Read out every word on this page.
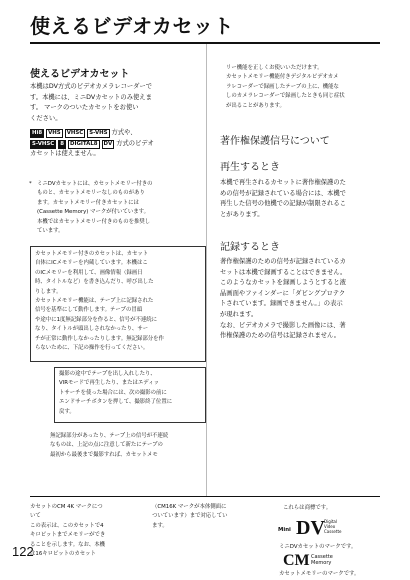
使えるビデオカセット
使えるビデオカセット
本機はDV方式のビデオカメラレコーダーで
す。本機には、ミニDVカセットのみ使えま
す。 マークのついたカセットをお使い
ください。
Hi8 VHS VHSC S-VHS 方式や、
S-VHSC 8 DIGITAL8 DV 方式のビデオ
カセットは使えません。
* ミニDVカセットには、カセットメモリー付きの
ものと、カセットメモリーなしのものがあり
ます。カセットメモリー付きカセットには
(Cassette Memory) マークが付いています。
本機ではカセットメモリー付きのものを推奨し
ています。
カセットメモリー付きのカセットは、カセット
自体にICメモリーを内蔵しています。本機はこ
のICメモリーを利用して、画像情報（録画日
時、タイトルなど）を書き込んだり、呼び出した
りします。
カセットメモリー機能は、テープ上に記録された
信号を基準にして動作します。テープの冒頭
や途中に1度無記録部分を作ると、信号が不連続に
なり、タイトルが頭出しされなかったり、サー
チが正常に動作しなかったりします。無記録部分を作
らないために、下記の操作を行ってください。
撮影の途中でテープを出し入れしたり、
VIRモードで再生したり、またはエディッ
トサーチを使った場合には、次の撮影の前に
エンドサーチボタンを押して、撮影終了位置に
戻す。
無記録部分があったり、テープ上の信号が不連続
なものは、上記の点に注意して新たにテープの
最初から最後まで撮影すれば、カセットメモ
リー機能を正しくお使いいただけます。
カセットメモリー機能付きデジタルビデオカメ
ラレコーダーで録画したテープの上に、機能な
しのカメラレコーダーで録画したときも同じ症状
が出ることがあります。
著作権保護信号について
再生するとき
本機で再生されるカセットに著作権保護のた
めの信号が記録されている場合には、本機で
再生した信号の他機での記録が制限されるこ
とがあります。
記録するとき
著作権保護のための信号が記録されているカ
セットは本機で録画することはできません。
このようなカセットを録画しようとすると液
晶画面やファインダーに「ダビングプロテク
トされています。録画できません。」の表示
が現れます。
なお、ビデオカメラで撮影した画像には、著
作権保護のための信号は記録されません。
カセットのCM 4K マークにつ
いて
この表示は、このカセットで4
キロビットまでメモリーができ
ることを示します。なお、本機
は16キロビットのカセット
（CM16K マークが本体側面に
ついています）まで対応してい
ます。
これらは商標です。
Mini DV Digital
Video
Cassette
ミニDVカセットのマークです。
CM Cassette
Memory
カセットメモリーのマークです。
122
